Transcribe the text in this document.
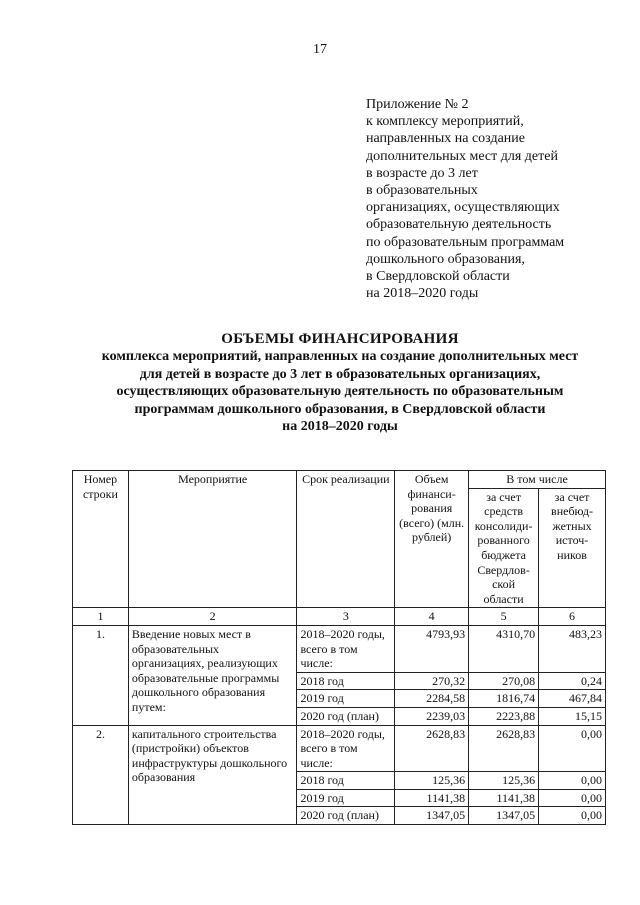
17
Приложение № 2
к комплексу мероприятий,
направленных на создание
дополнительных мест для детей
в возрасте до 3 лет
в образовательных
организациях, осуществляющих
образовательную деятельность
по образовательным программам
дошкольного образования,
в Свердловской области
на 2018–2020 годы
ОБЪЕМЫ ФИНАНСИРОВАНИЯ
комплекса мероприятий, направленных на создание дополнительных мест
для детей в возрасте до 3 лет в образовательных организациях,
осуществляющих образовательную деятельность по образовательным
программам дошкольного образования, в Свердловской области
на 2018–2020 годы
Номер строки	Мероприятие	Срок реализации	Объем финанси-рования (всего) (млн. рублей)	В том числе	
				за счет средств консолиди-рованного бюджета Свердлов-ской области	за счет внебюд-жетных источ-ников
1	2	3	4	5	6
1.	Введение новых мест в образовательных организациях, реализующих образовательные программы дошкольного образования путем:	2018–2020 годы, всего в том числе:	4793,93	4310,70	483,23
		2018 год	270,32	270,08	0,24
		2019 год	2284,58	1816,74	467,84
		2020 год (план)	2239,03	2223,88	15,15
2.	капитального строительства (пристройки) объектов инфраструктуры дошкольного образования	2018–2020 годы, всего в том числе:	2628,83	2628,83	0,00
		2018 год	125,36	125,36	0,00
		2019 год	1141,38	1141,38	0,00
		2020 год (план)	1347,05	1347,05	0,00
